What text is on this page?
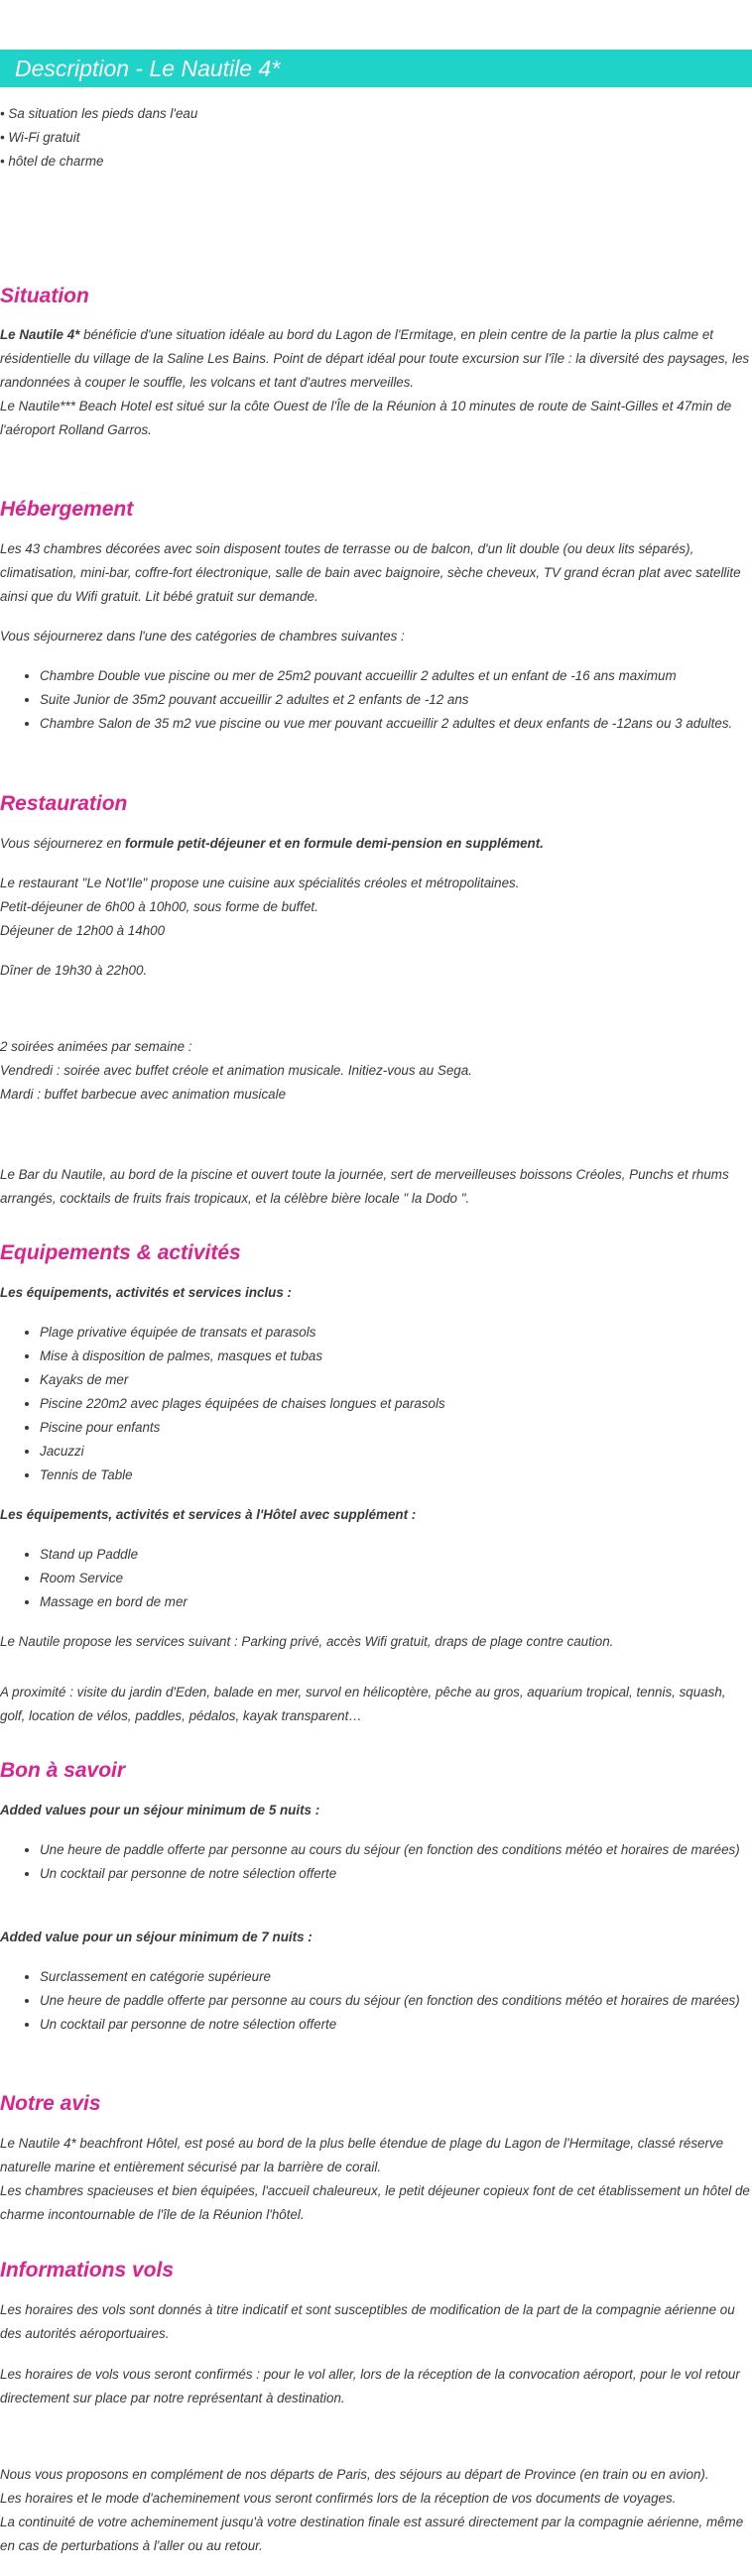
Description - Le Nautile 4*

• Sa situation les pieds dans l'eau

• Wi-Fi gratuit

• hôtel de charme

Situation

Le Nautile 4* bénéficie d'une situation idéale au bord du Lagon de l'Ermitage, en plein centre de la partie la plus calme et résidentielle du village de la Saline Les Bains. Point de départ idéal pour toute excursion sur l'île : la diversité des paysages, les randonnées à couper le souffle, les volcans et tant d'autres merveilles.

Le Nautile*** Beach Hotel est situé sur la côte Ouest de l'Île de la Réunion à 10 minutes de route de Saint-Gilles et 47min de l'aéroport Rolland Garros.

Hébergement

Les 43 chambres décorées avec soin disposent toutes de terrasse ou de balcon, d'un lit double (ou deux lits séparés), climatisation, mini-bar, coffre-fort électronique, salle de bain avec baignoire, sèche cheveux, TV grand écran plat avec satellite ainsi que du Wifi gratuit. Lit bébé gratuit sur demande.

Vous séjournerez dans l'une des catégories de chambres suivantes :

• Chambre Double vue piscine ou mer de 25m2 pouvant accueillir 2 adultes et un enfant de -16 ans maximum
• Suite Junior de 35m2 pouvant accueillir 2 adultes et 2 enfants de -12 ans
• Chambre Salon de 35 m2 vue piscine ou vue mer pouvant accueillir 2 adultes et deux enfants de -12ans ou 3 adultes.
Restauration

Vous séjournerez en formule petit-déjeuner et en formule demi-pension en supplément.

Le restaurant "Le Not'Ile" propose une cuisine aux spécialités créoles et métropolitaines.

Petit-déjeuner de 6h00 à 10h00, sous forme de buffet.

Déjeuner de 12h00 à 14h00

Dîner de 19h30 à 22h00.

2 soirées animées par semaine :

Vendredi : soirée avec buffet créole et animation musicale. Initiez-vous au Sega.

Mardi : buffet barbecue avec animation musicale

Le Bar du Nautile, au bord de la piscine et ouvert toute la journée, sert de merveilleuses boissons Créoles, Punchs et rhums arrangés, cocktails de fruits frais tropicaux, et la célèbre bière locale " la Dodo ".

Equipements & activités

Les équipements, activités et services inclus :

• Plage privative équipée de transats et parasols
• Mise à disposition de palmes, masques et tubas
• Kayaks de mer
• Piscine 220m2 avec plages équipées de chaises longues et parasols
• Piscine pour enfants
• Jacuzzi
• Tennis de Table

Les équipements, activités et services à l'Hôtel avec supplément :

• Stand up Paddle
• Room Service
• Massage en bord de mer

Le Nautile propose les services suivant : Parking privé, accès Wifi gratuit, draps de plage contre caution.

A proximité : visite du jardin d'Eden, balade en mer, survol en hélicoptère, pêche au gros, aquarium tropical, tennis, squash, golf, location de vélos, paddles, pédalos, kayak transparent…

Bon à savoir

Added values pour un séjour minimum de 5 nuits :

• Une heure de paddle offerte par personne au cours du séjour (en fonction des conditions météo et horaires de marées)
• Un cocktail par personne de notre sélection offerte

Added value pour un séjour minimum de 7 nuits :

• Surclassement en catégorie supérieure
• Une heure de paddle offerte par personne au cours du séjour (en fonction des conditions météo et horaires de marées)
• Un cocktail par personne de notre sélection offerte
Notre avis

Le Nautile 4* beachfront Hôtel, est posé au bord de la plus belle étendue de plage du Lagon de l'Hermitage, classé réserve naturelle marine et entièrement sécurisé par la barrière de corail.

Les chambres spacieuses et bien équipées, l'accueil chaleureux, le petit déjeuner copieux font de cet établissement un hôtel de charme incontournable de l'île de la Réunion l'hôtel.

Informations vols

Les horaires des vols sont donnés à titre indicatif et sont susceptibles de modification de la part de la compagnie aérienne ou des autorités aéroportuaires.

Les horaires de vols vous seront confirmés : pour le vol aller, lors de la réception de la convocation aéroport, pour le vol retour directement sur place par notre représentant à destination.

Nous vous proposons en complément de nos départs de Paris, des séjours au départ de Province (en train ou en avion).

Les horaires et le mode d'acheminement vous seront confirmés lors de la réception de vos documents de voyages.

La continuité de votre acheminement jusqu'à votre destination finale est assuré directement par la compagnie aérienne, même en cas de perturbations à l'aller ou au retour.
